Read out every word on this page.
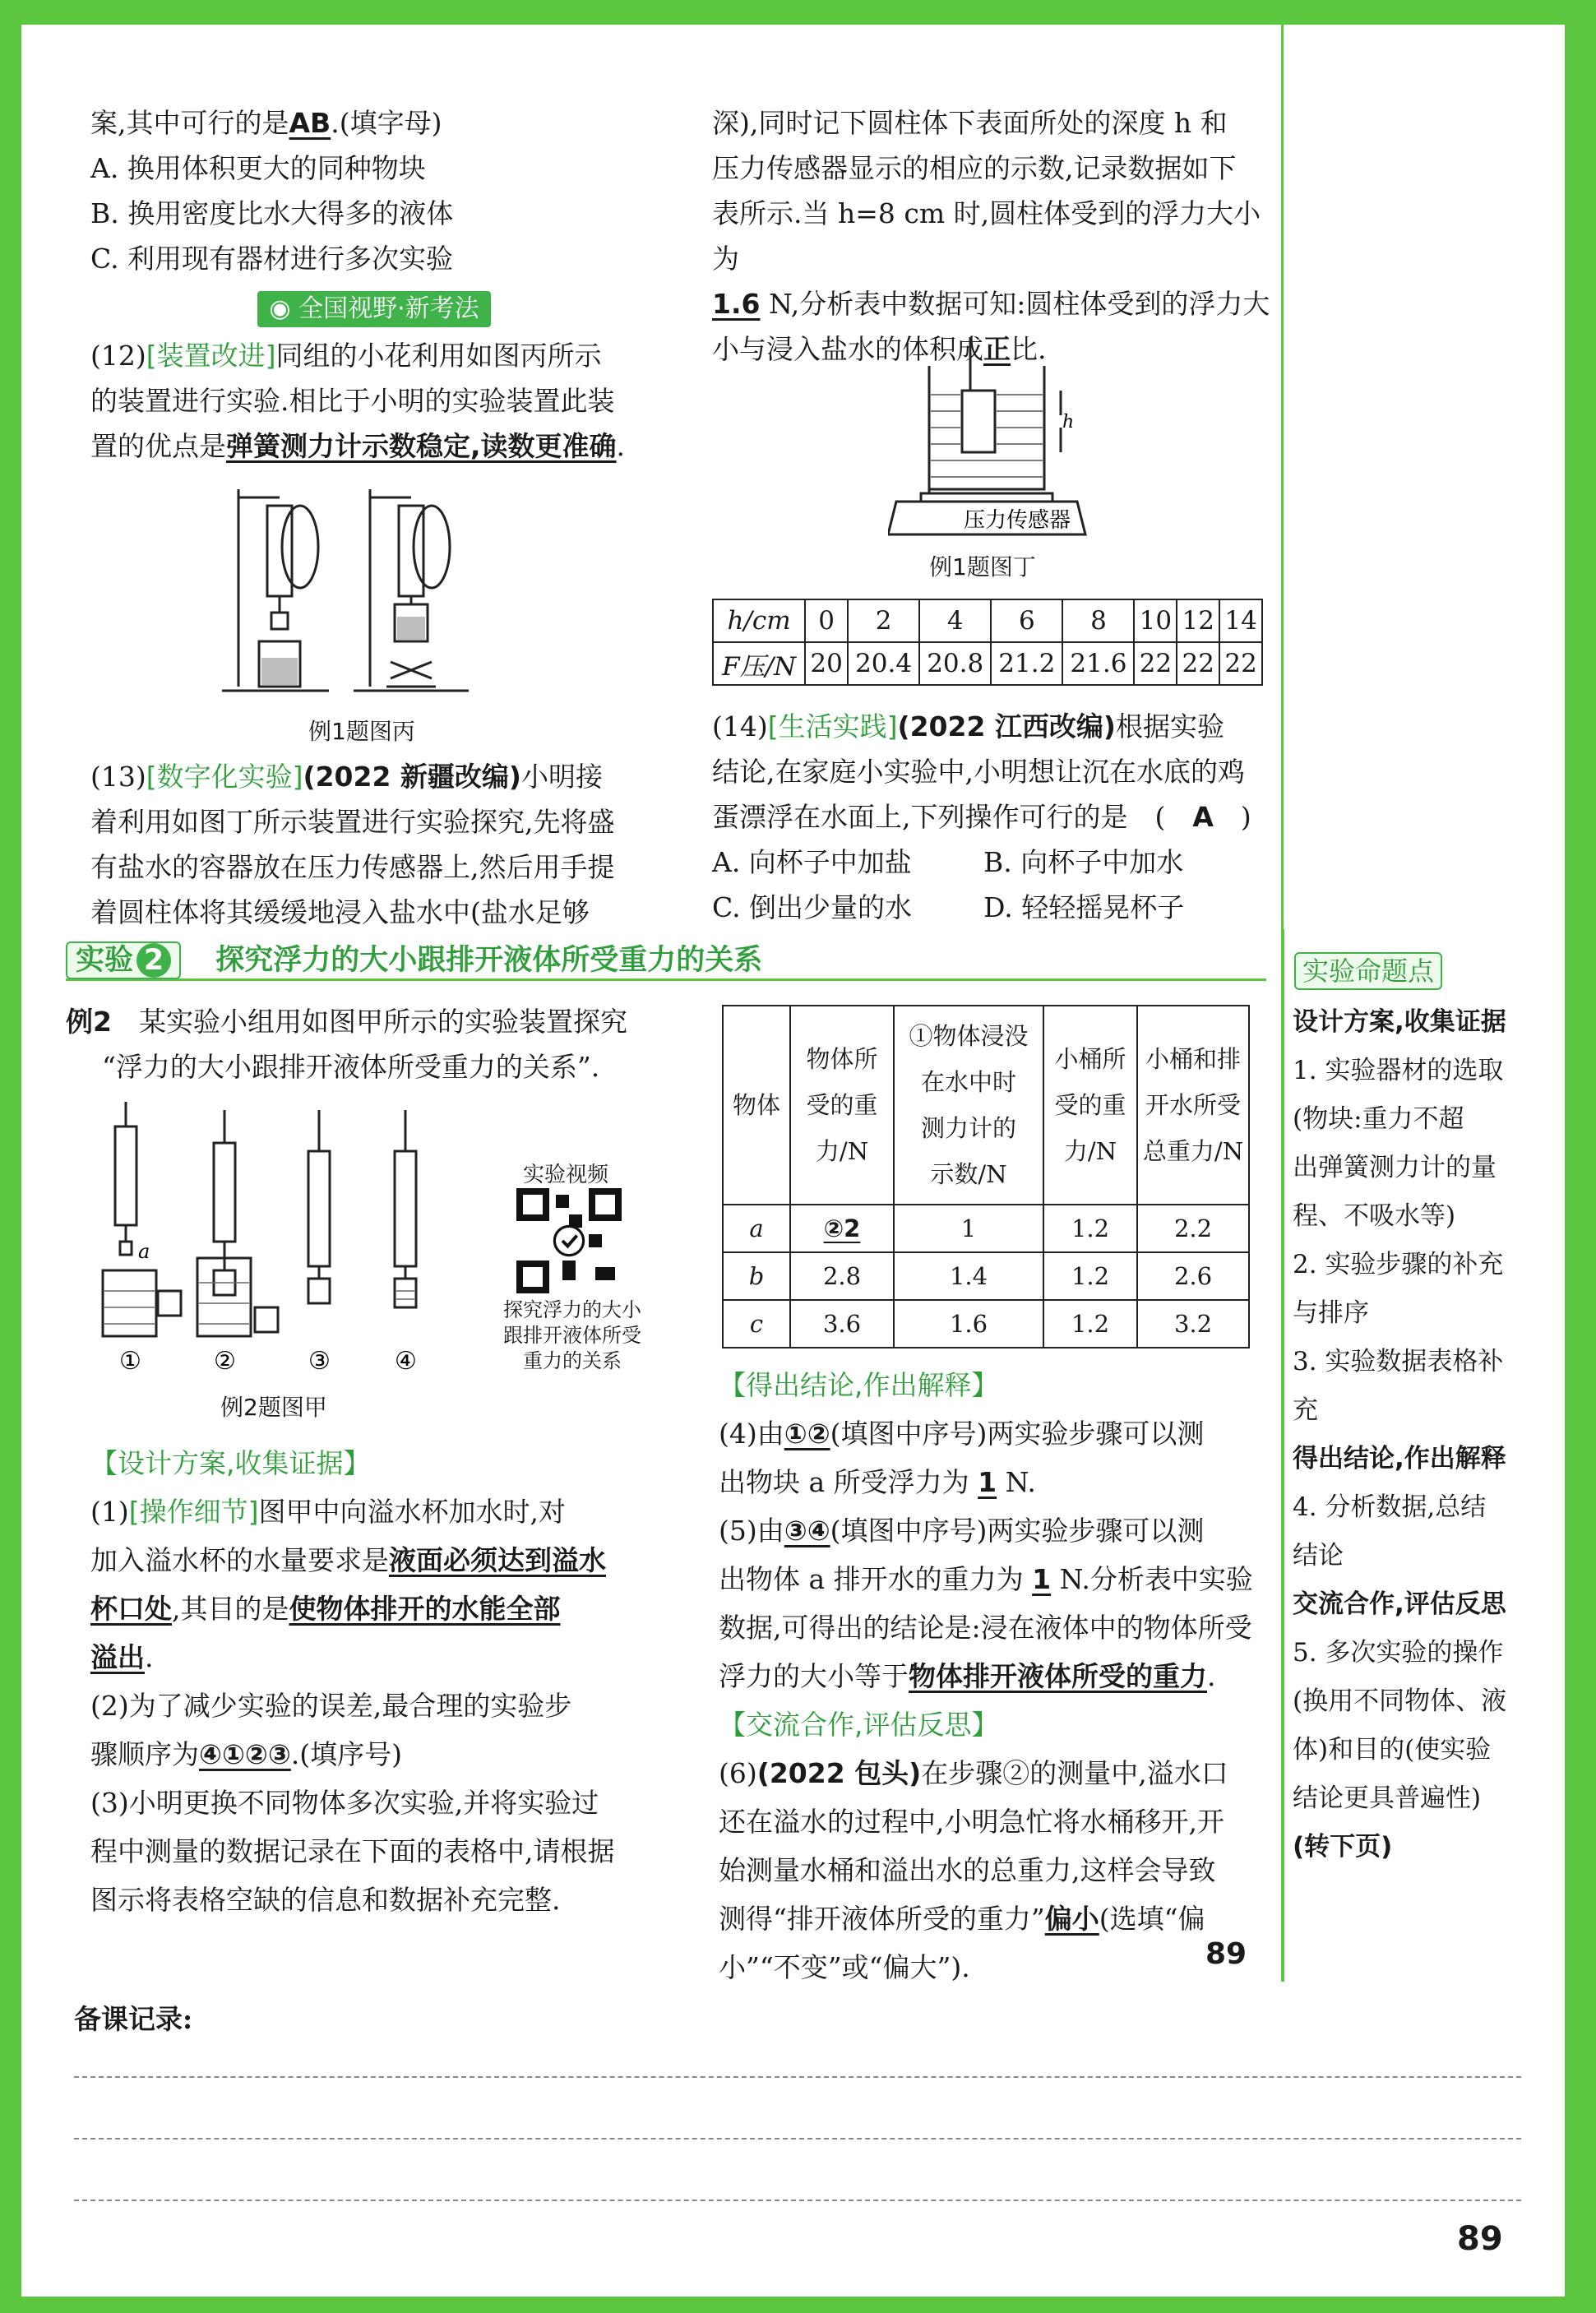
案,其中可行的是AB.(填字母)

A. 换用体积更大的同种物块

B. 换用密度比水大得多的液体

C. 利用现有器材进行多次实验

◉ 全国视野·新考法

(12)[装置改进]同组的小花利用如图丙所示

的装置进行实验.相比于小明的实验装置此装

置的优点是弹簧测力计示数稳定,读数更准确.

例1题图丙

(13)[数字化实验](2022 新疆改编)小明接

着利用如图丁所示装置进行实验探究,先将盛

有盐水的容器放在压力传感器上,然后用手提

着圆柱体将其缓缓地浸入盐水中(盐水足够

深),同时记下圆柱体下表面所处的深度 h 和

压力传感器显示的相应的示数,记录数据如下

表所示.当 h=8 cm 时,圆柱体受到的浮力大小为

1.6 N,分析表中数据可知:圆柱体受到的浮力大

小与浸入盐水的体积成正比.

压力传感器
h
例1题图丁
h/cm	0	2	4	6	8	10	12	14
F压/N	20	20.4	20.8	21.2	21.6	22	22	22

(14)[生活实践](2022 江西改编)根据实验

结论,在家庭小实验中,小明想让沉在水底的鸡

蛋漂浮在水面上,下列操作可行的是　(　A　)

A. 向杯子中加盐	B. 向杯子中加水

C. 倒出少量的水	D. 轻轻摇晃杯子

实验 2 探究浮力的大小跟排开液体所受重力的关系	实验命题点

设计方案,收集证据

1. 实验器材的选取

(物块:重力不超

出弹簧测力计的量

程、不吸水等)

2. 实验步骤的补充

与排序

3. 实验数据表格补

充

得出结论,作出解释

4. 分析数据,总结

结论

交流合作,评估反思

5. 多次实验的操作

(换用不同物体、液

体)和目的(使实验

结论更具普遍性)

(转下页)

例2　 某实验小组用如图甲所示的实验装置探究

“浮力的大小跟排开液体所受重力的关系”.

a
①	②	③	④
实验视频
探究浮力的大小
跟排开液体所受
重力的关系
例2题图甲

【设计方案,收集证据】

(1)[操作细节]图甲中向溢水杯加水时,对

加入溢水杯的水量要求是液面必须达到溢水

杯口处,其目的是使物体排开的水能全部

溢出.

(2)为了减少实验的误差,最合理的实验步

骤顺序为④①②③.(填序号)

(3)小明更换不同物体多次实验,并将实验过

程中测量的数据记录在下面的表格中,请根据

图示将表格空缺的信息和数据补充完整.

物体	物体所
受的重
力/N	①物体浸没
在水中时
测力计的
示数/N	小桶所
受的重
力/N	小桶和排
开水所受
总重力/N
a	②2	1	1.2	2.2
b	2.8	1.4	1.2	2.6
c	3.6	1.6	1.2	3.2

【得出结论,作出解释】

(4)由①②(填图中序号)两实验步骤可以测

出物块 a 所受浮力为 1 N.

(5)由③④(填图中序号)两实验步骤可以测

出物体 a 排开水的重力为 1 N.分析表中实验

数据,可得出的结论是:浸在液体中的物体所受

浮力的大小等于物体排开液体所受的重力.

【交流合作,评估反思】

(6)(2022 包头)在步骤②的测量中,溢水口

还在溢水的过程中,小明急忙将水桶移开,开

始测量水桶和溢出水的总重力,这样会导致

测得“排开液体所受的重力”偏小(选填“偏

小”“不变”或“偏大”).	89
备课记录:
89
